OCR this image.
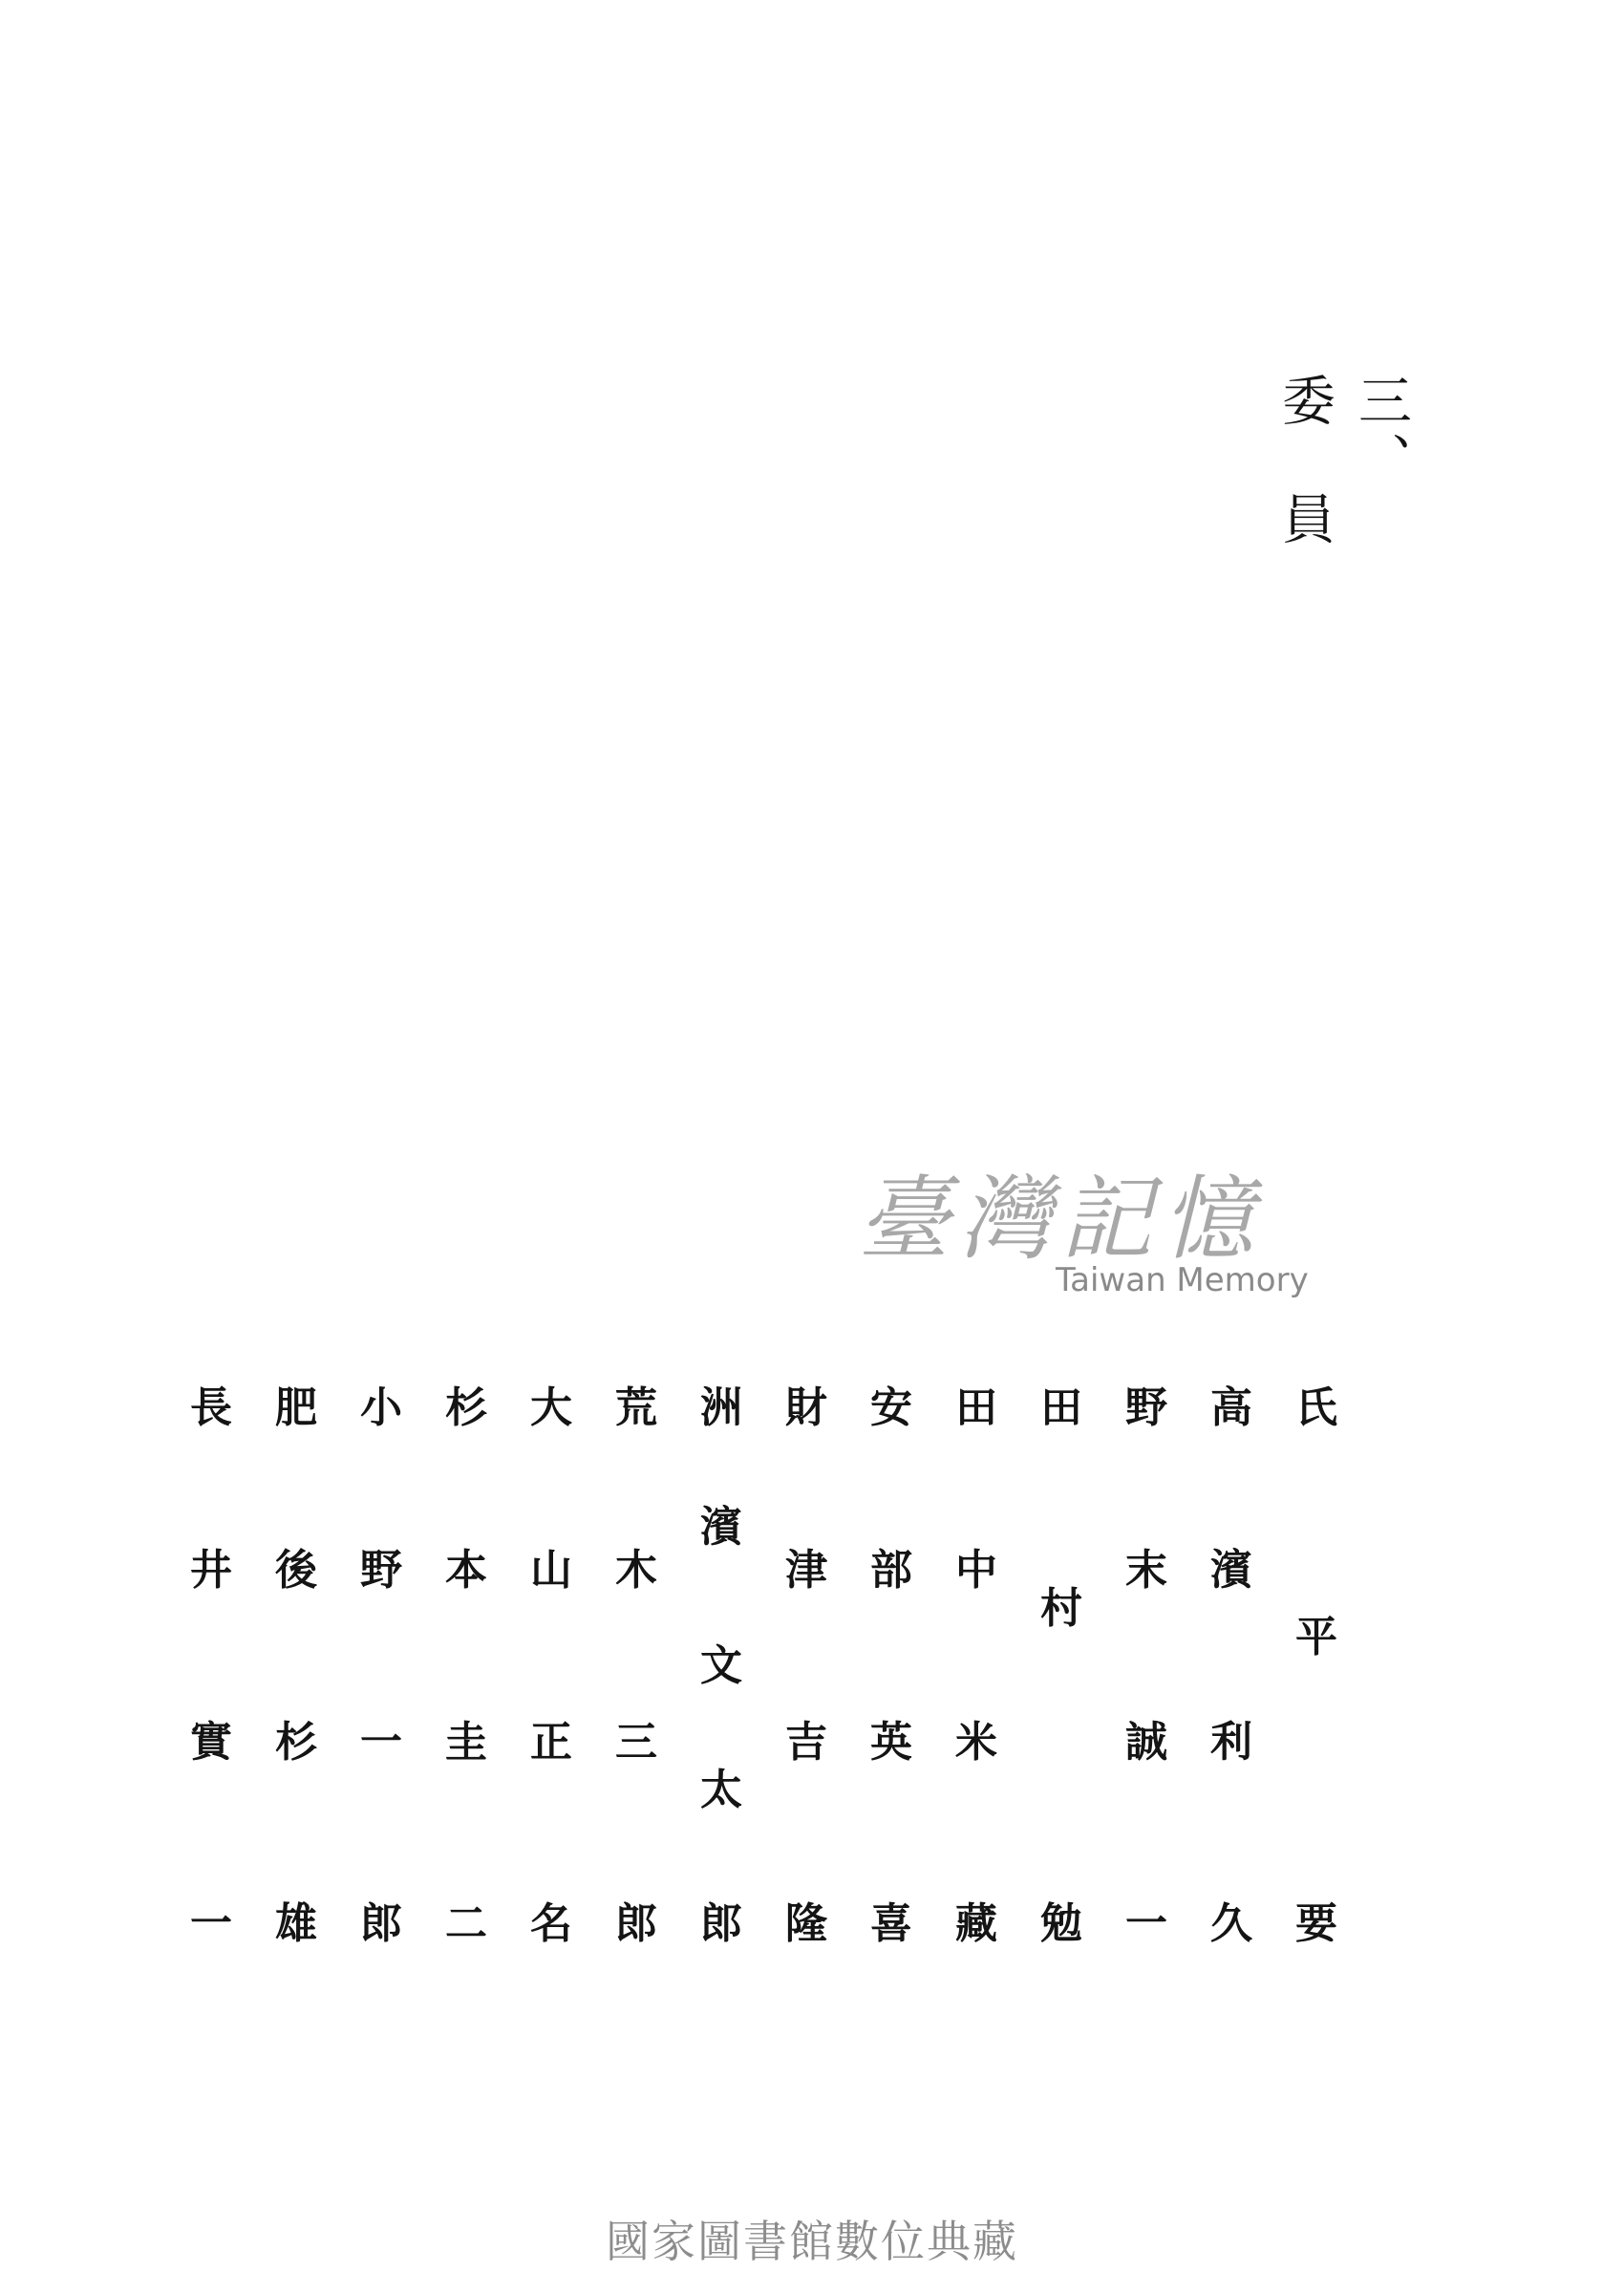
三、
委　員
氏
平
要
高
濱
利
久
野
末
誠
一
田
村
勉
田
中
米
藏
安
部
英
喜
財
津
吉
隆
洲
濱
文
太
郎
荒
木
三
郎
大
山
正
名
杉
本
圭
二
小
野
一
郎
肥
後
杉
雄
長
井
實
一
臺灣記憶
Taiwan Memory
國家圖書館數位典藏
